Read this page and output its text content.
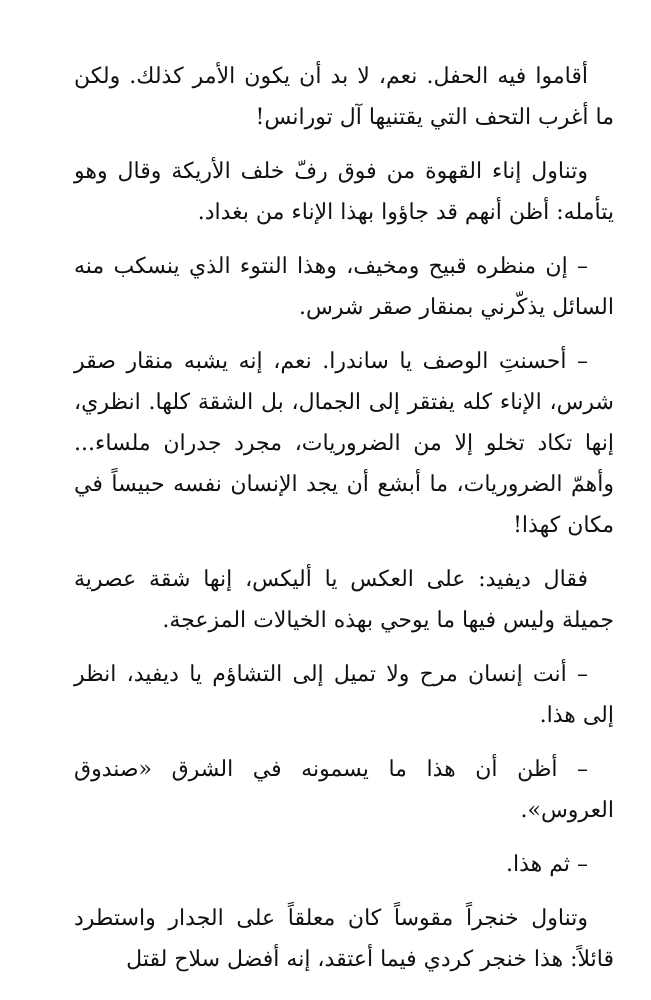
أقاموا فيه الحفل. نعم، لا بد أن يكون الأمر كذلك. ولكن ما أغرب التحف التي يقتنيها آل تورانس!

وتناول إناء القهوة من فوق رفّ خلف الأريكة وقال وهو يتأمله: أظن أنهم قد جاؤوا بهذا الإناء من بغداد.

– إن منظره قبيح ومخيف، وهذا النتوء الذي ينسكب منه السائل يذكّرني بمنقار صقر شرس.

– أحسنتِ الوصف يا ساندرا. نعم، إنه يشبه منقار صقر شرس، الإناء كله يفتقر إلى الجمال، بل الشقة كلها. انظري، إنها تكاد تخلو إلا من الضروريات، مجرد جدران ملساء... وأهمّ الضروريات، ما أبشع أن يجد الإنسان نفسه حبيساً في مكان كهذا!

فقال ديفيد: على العكس يا أليكس، إنها شقة عصرية جميلة وليس فيها ما يوحي بهذه الخيالات المزعجة.

– أنت إنسان مرح ولا تميل إلى التشاؤم يا ديفيد، انظر إلى هذا.

– أظن أن هذا ما يسمونه في الشرق «صندوق العروس».

– ثم هذا.

وتناول خنجراً مقوساً كان معلقاً على الجدار واستطرد قائلاً: هذا خنجر كردي فيما أعتقد، إنه أفضل سلاح لقتل
